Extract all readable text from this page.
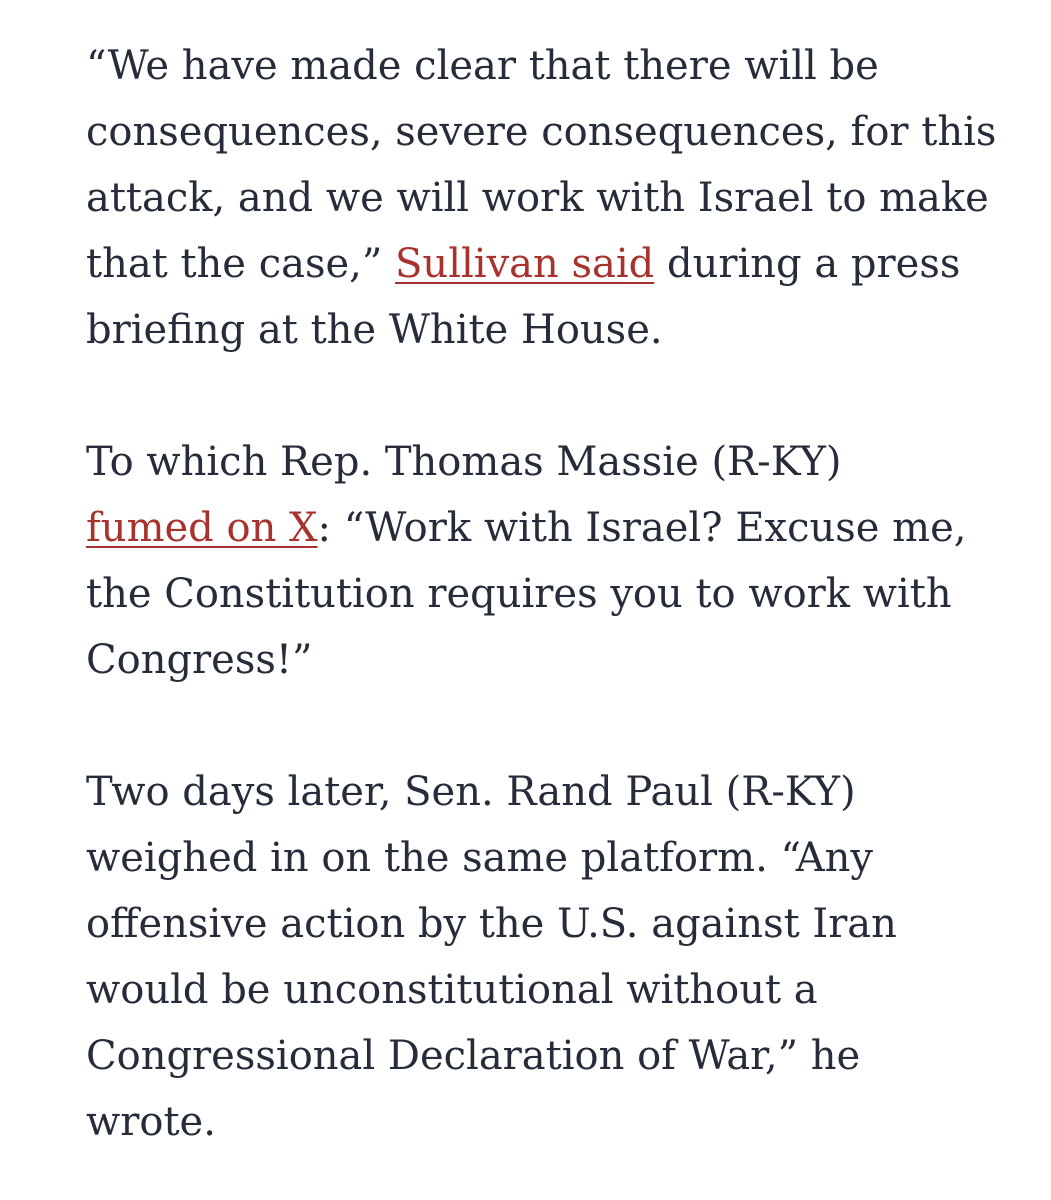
“We have made clear that there will be
consequences, severe consequences, for this
attack, and we will work with Israel to make
that the case,” Sullivan said during a press
briefing at the White House.

To which Rep. Thomas Massie (R-KY)
fumed on X: “Work with Israel? Excuse me,
the Constitution requires you to work with
Congress!”

Two days later, Sen. Rand Paul (R-KY)
weighed in on the same platform. “Any
offensive action by the U.S. against Iran
would be unconstitutional without a
Congressional Declaration of War,” he
wrote.
